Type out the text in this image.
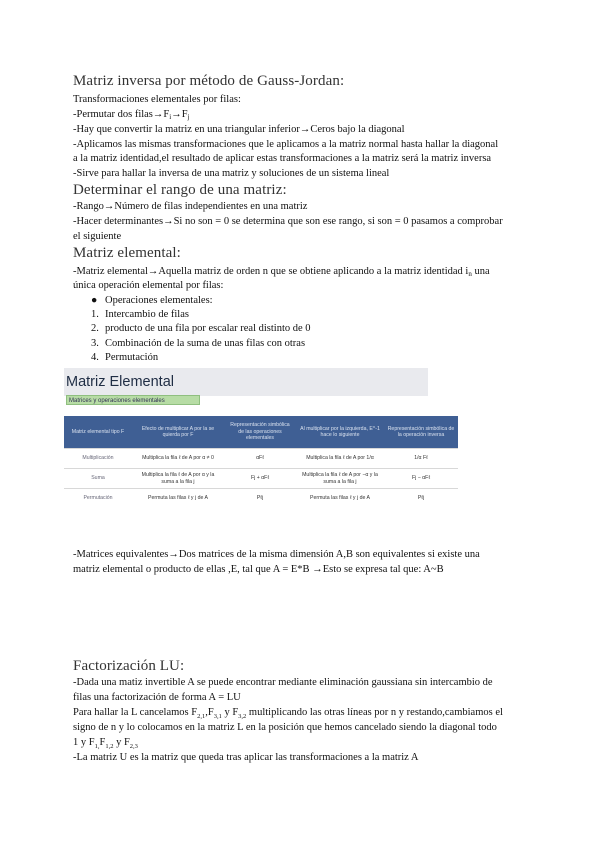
Matriz inversa por método de Gauss-Jordan:
Transformaciones elementales por filas:
-Permutar dos $filas\to F_i\to F_j$
-Hay que convertir la matriz en una triangular inferior→Ceros bajo la diagonal
-Aplicamos las mismas transformaciones que le aplicamos a la matriz normal hasta hallar la diagonal
a la matriz identidad,el resultado de aplicar estas transformaciones a la matriz será la matriz inversa
-Sirve para hallar la inversa de una matriz y soluciones de un sistema lineal
Determinar el rango de una matriz:
-Rango→Número de filas independientes en una matriz
-Hacer determinantes→Si no son = 0 se determina que son ese rango, si son = 0 pasamos a comprobar
el siguiente
Matriz elemental:
-Matriz elemental→Aquella matriz de orden n que se obtiene aplicando a la matriz identidad $i_n$ una
única operación elemental por filas:
● Operaciones elementales:
1. Intercambio de filas
2. producto de una fila por escalar real distinto de 0
3. Combinación de la suma de unas filas con otras
4. Permutación
Matriz Elemental
Matrices y operaciones elementales
Matriz elemental tipo F	Efecto de multiplicar A por la se quierda por F	Representación simbólica de las operaciones elementales	Al multiplicar por la izquierda, E^-1 hace lo siguiente	Representación simbólica de la operación inversa
Multiplicación	Multiplica la fila ℓ de A por α ≠ 0	αFℓ	Multiplica la fila ℓ de A por 1/α	1/α Fℓ
Suma	Multiplica la fila ℓ de A por α y la suma a la fila j	Fj + αFℓ	Multiplica la fila ℓ de A por −α y la suma a la fila j	Fj − αFℓ
Permutación	Permuta las filas ℓ y j de A	Pℓj	Permuta las filas ℓ y j de A	Pℓj
-Matrices equivalentes→Dos matrices de la misma dimensión A,B son equivalentes si existe una
matriz elemental o producto de ellas ,E, tal que A = E*B →Esto se expresa tal que: A~B
Factorización LU:
-Dada una matiz invertible A se puede encontrar mediante eliminación gaussiana sin intercambio de
filas una factorización de forma A = LU
Para hallar la L cancelamos $F_{2,1},F_{3,1}$ y $F_{3,2}$ multiplicando las otras líneas por n y restando,cambiamos el
signo de n y lo colocamos en la matriz L en la posición que hemos cancelado siendo la diagonal todo
1 y $F_{1,}F_{1,2}$ y $F_{2,3}$
-La matriz U es la matriz que queda tras aplicar las transformaciones a la matriz A
